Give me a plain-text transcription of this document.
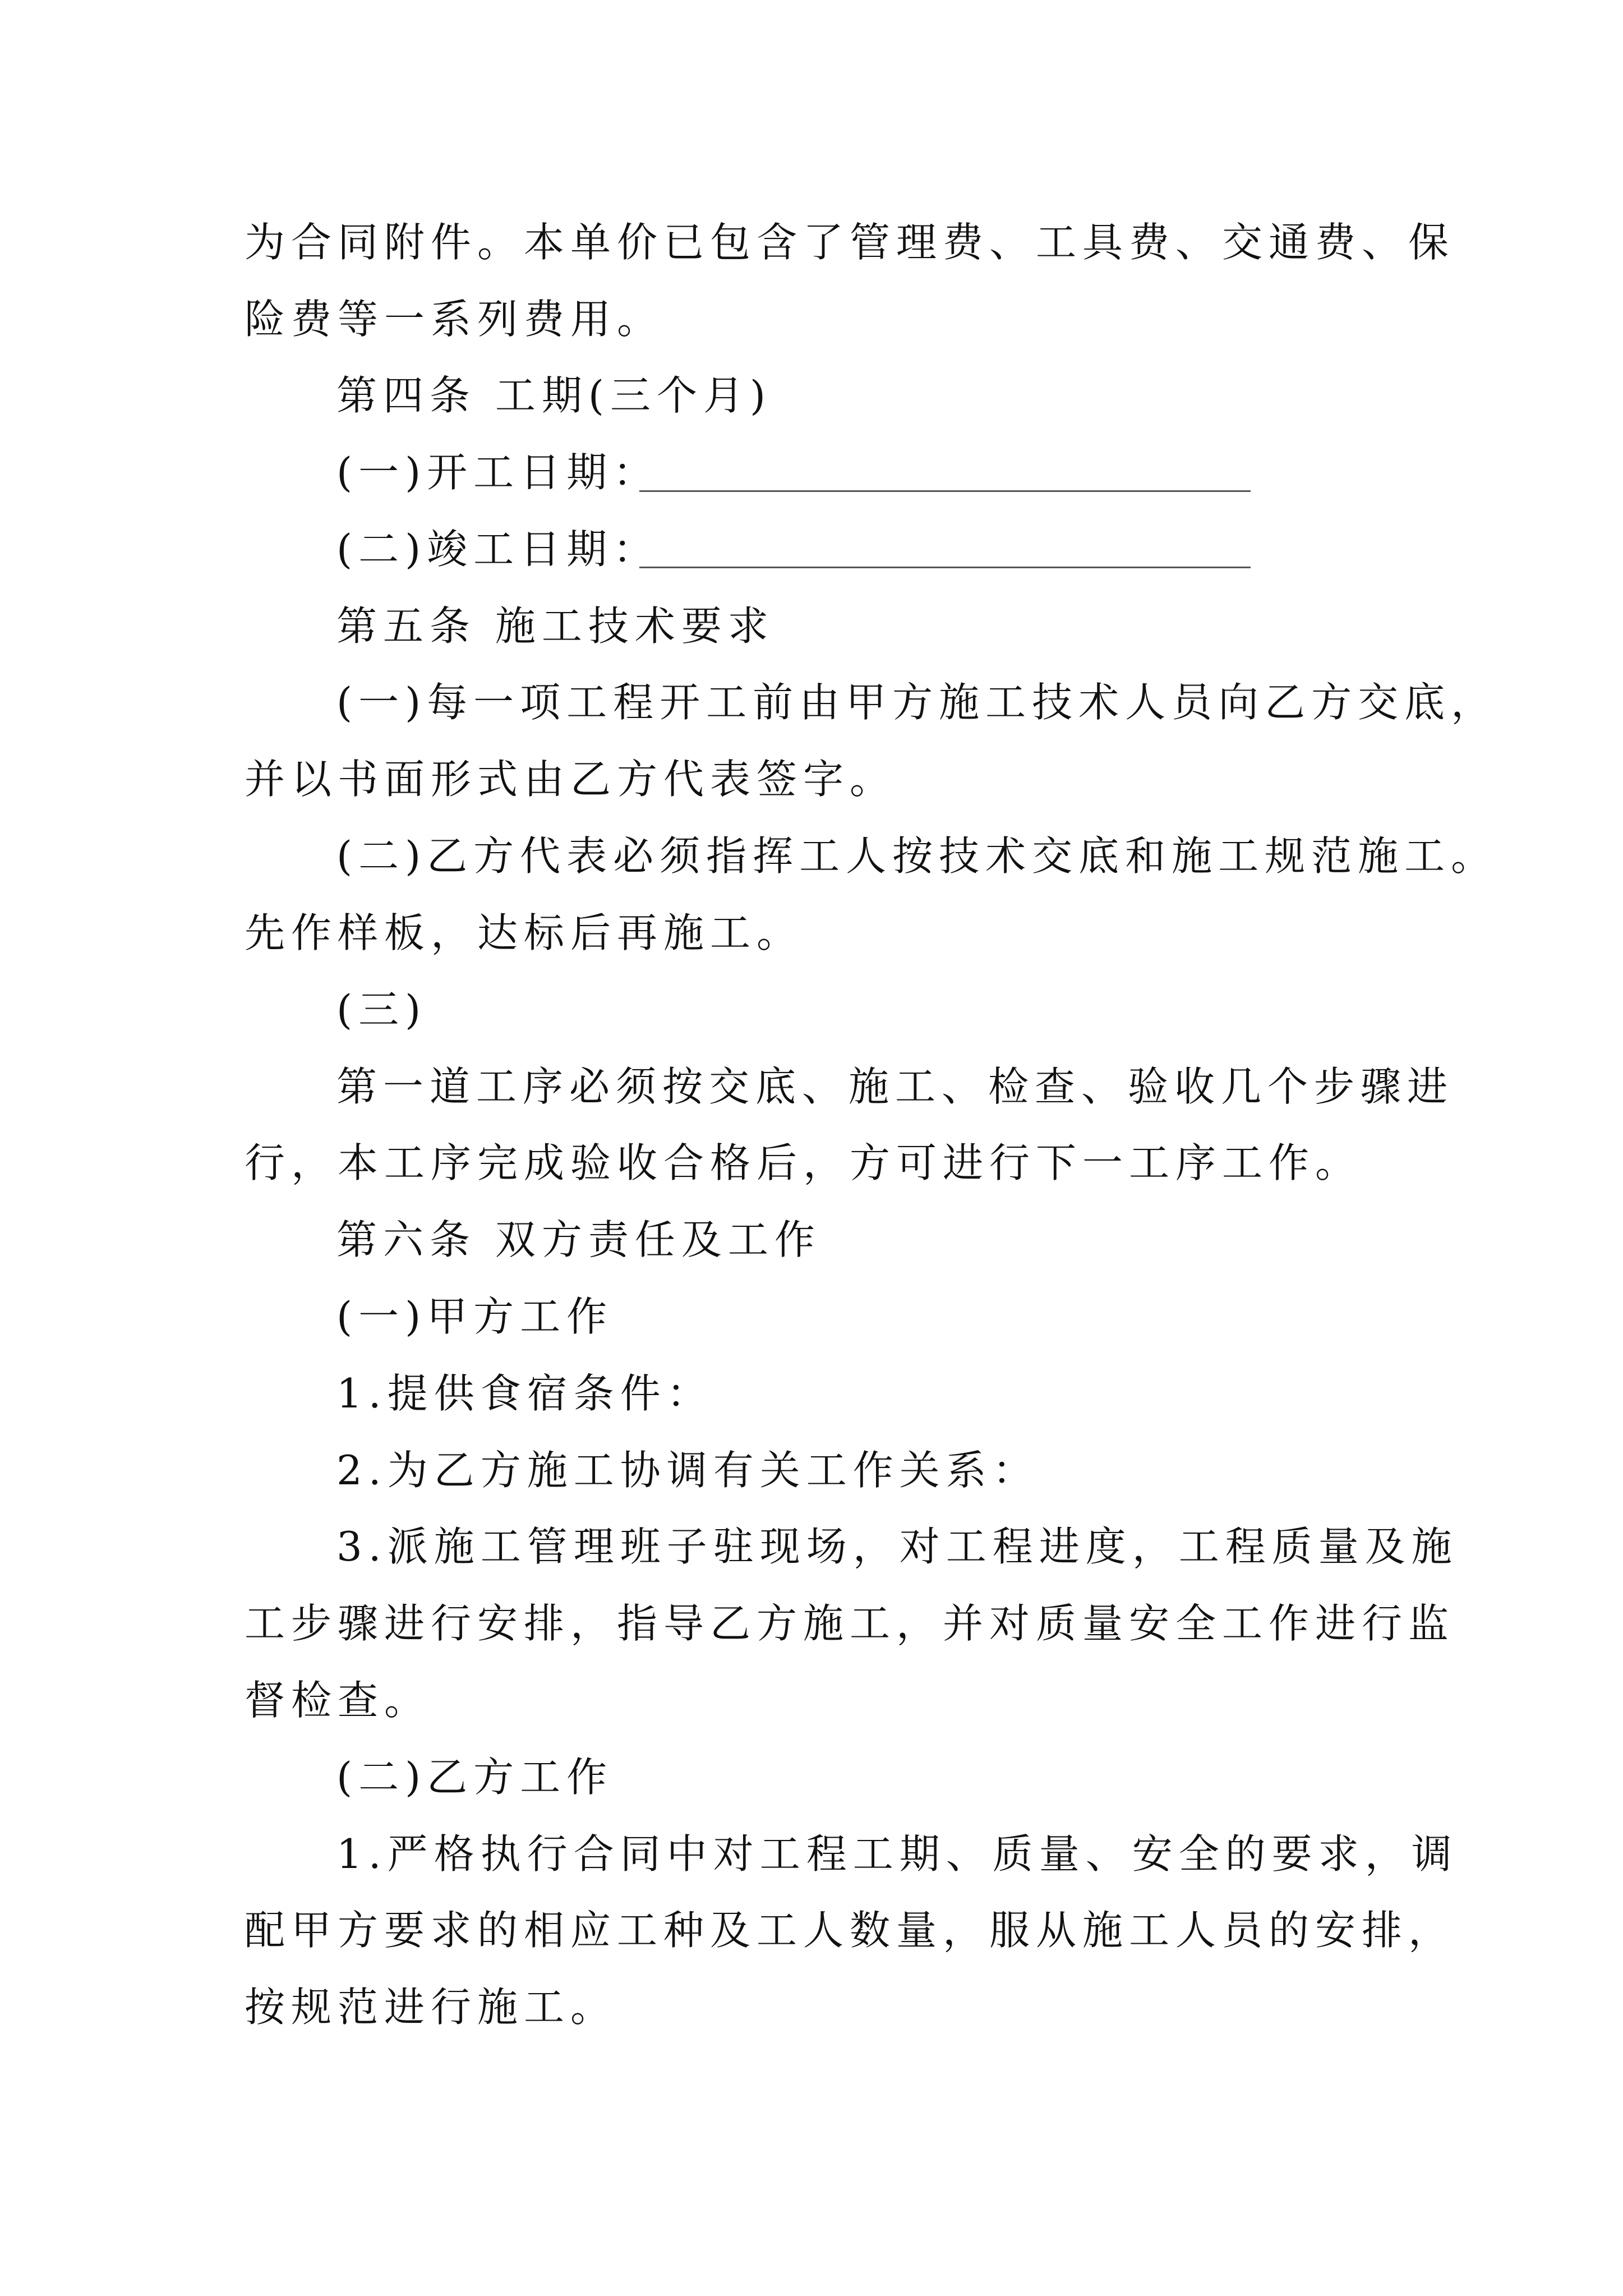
为合同附件。本单价已包含了管理费、工具费、交通费、保
险费等一系列费用。
第四条 工期(三个月)
(一)开工日期：
(二)竣工日期：
第五条 施工技术要求
(一)每一项工程开工前由甲方施工技术人员向乙方交底，
并以书面形式由乙方代表签字。
(二)乙方代表必须指挥工人按技术交底和施工规范施工。
先作样板，达标后再施工。
(三)
第一道工序必须按交底、施工、检查、验收几个步骤进
行，本工序完成验收合格后，方可进行下一工序工作。
第六条 双方责任及工作
(一)甲方工作
1.提供食宿条件：
2.为乙方施工协调有关工作关系：
3.派施工管理班子驻现场，对工程进度，工程质量及施
工步骤进行安排，指导乙方施工，并对质量安全工作进行监
督检查。
(二)乙方工作
1.严格执行合同中对工程工期、质量、安全的要求，调
配甲方要求的相应工种及工人数量，服从施工人员的安排，
按规范进行施工。
